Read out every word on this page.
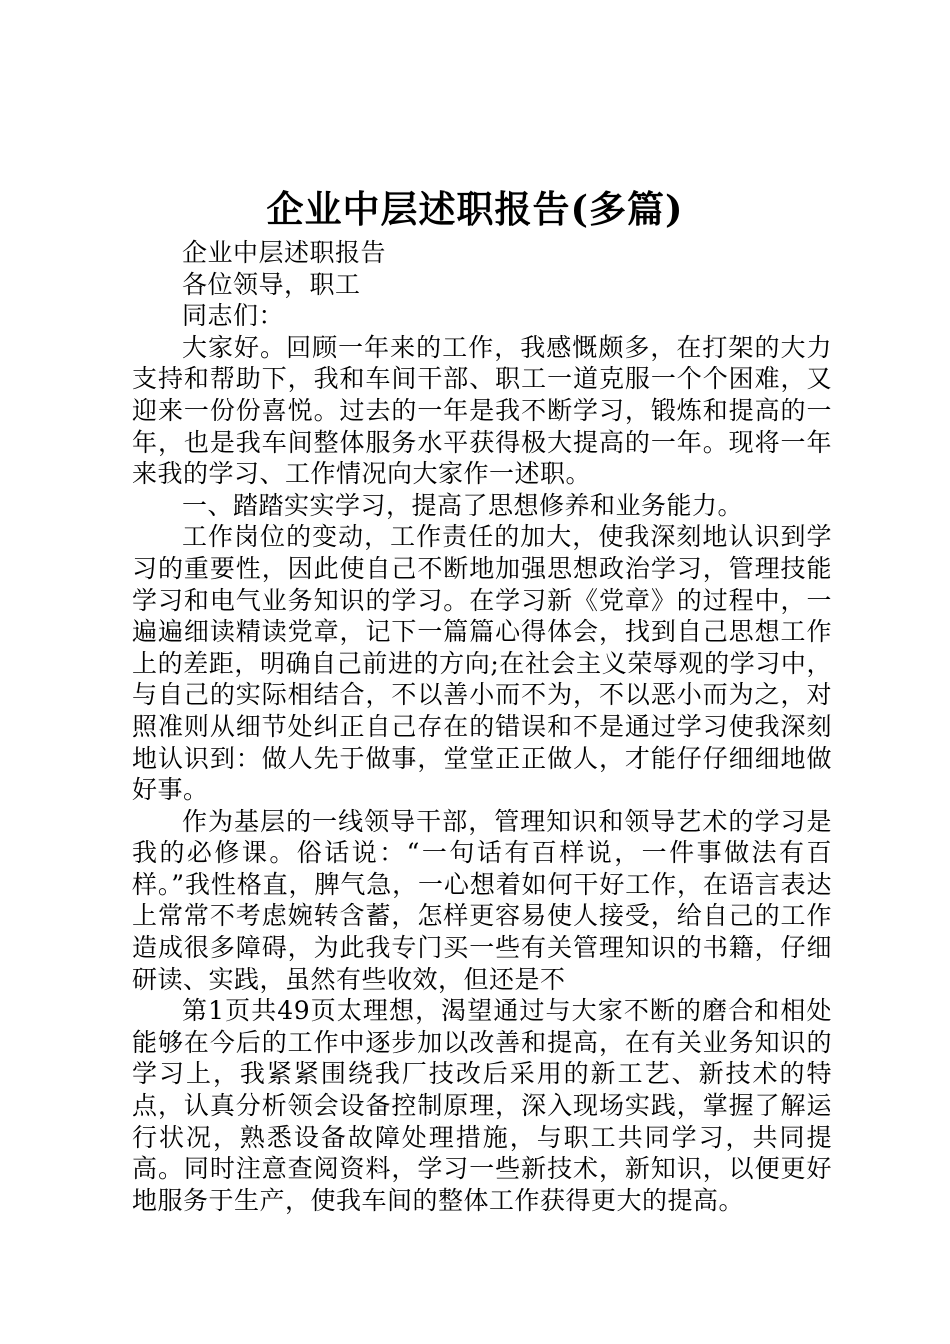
企业中层述职报告(多篇)

企业中层述职报告

各位领导，职工

同志们：

大家好。回顾一年来的工作，我感慨颇多，在打架的大力支持和帮助下，我和车间干部、职工一道克服一个个困难，又迎来一份份喜悦。过去的一年是我不断学习，锻炼和提高的一年，也是我车间整体服务水平获得极大提高的一年。现将一年来我的学习、工作情况向大家作一述职。

一、踏踏实实学习，提高了思想修养和业务能力。

工作岗位的变动，工作责任的加大，使我深刻地认识到学习的重要性，因此使自己不断地加强思想政治学习，管理技能学习和电气业务知识的学习。在学习新《党章》的过程中，一遍遍细读精读党章，记下一篇篇心得体会，找到自己思想工作上的差距，明确自己前进的方向;在社会主义荣辱观的学习中，与自己的实际相结合，不以善小而不为，不以恶小而为之，对照准则从细节处纠正自己存在的错误和不是通过学习使我深刻地认识到：做人先于做事，堂堂正正做人，才能仔仔细细地做好事。

作为基层的一线领导干部，管理知识和领导艺术的学习是我的必修课。俗话说：“一句话有百样说，一件事做法有百样。”我性格直，脾气急，一心想着如何干好工作，在语言表达上常常不考虑婉转含蓄，怎样更容易使人接受，给自己的工作造成很多障碍，为此我专门买一些有关管理知识的书籍，仔细研读、实践，虽然有些收效，但还是不

第1页共49页太理想，渴望通过与大家不断的磨合和相处能够在今后的工作中逐步加以改善和提高，在有关业务知识的学习上，我紧紧围绕我厂技改后采用的新工艺、新技术的特点，认真分析领会设备控制原理，深入现场实践，掌握了解运行状况，熟悉设备故障处理措施，与职工共同学习，共同提高。同时注意查阅资料，学习一些新技术，新知识，以便更好地服务于生产，使我车间的整体工作获得更大的提高。
